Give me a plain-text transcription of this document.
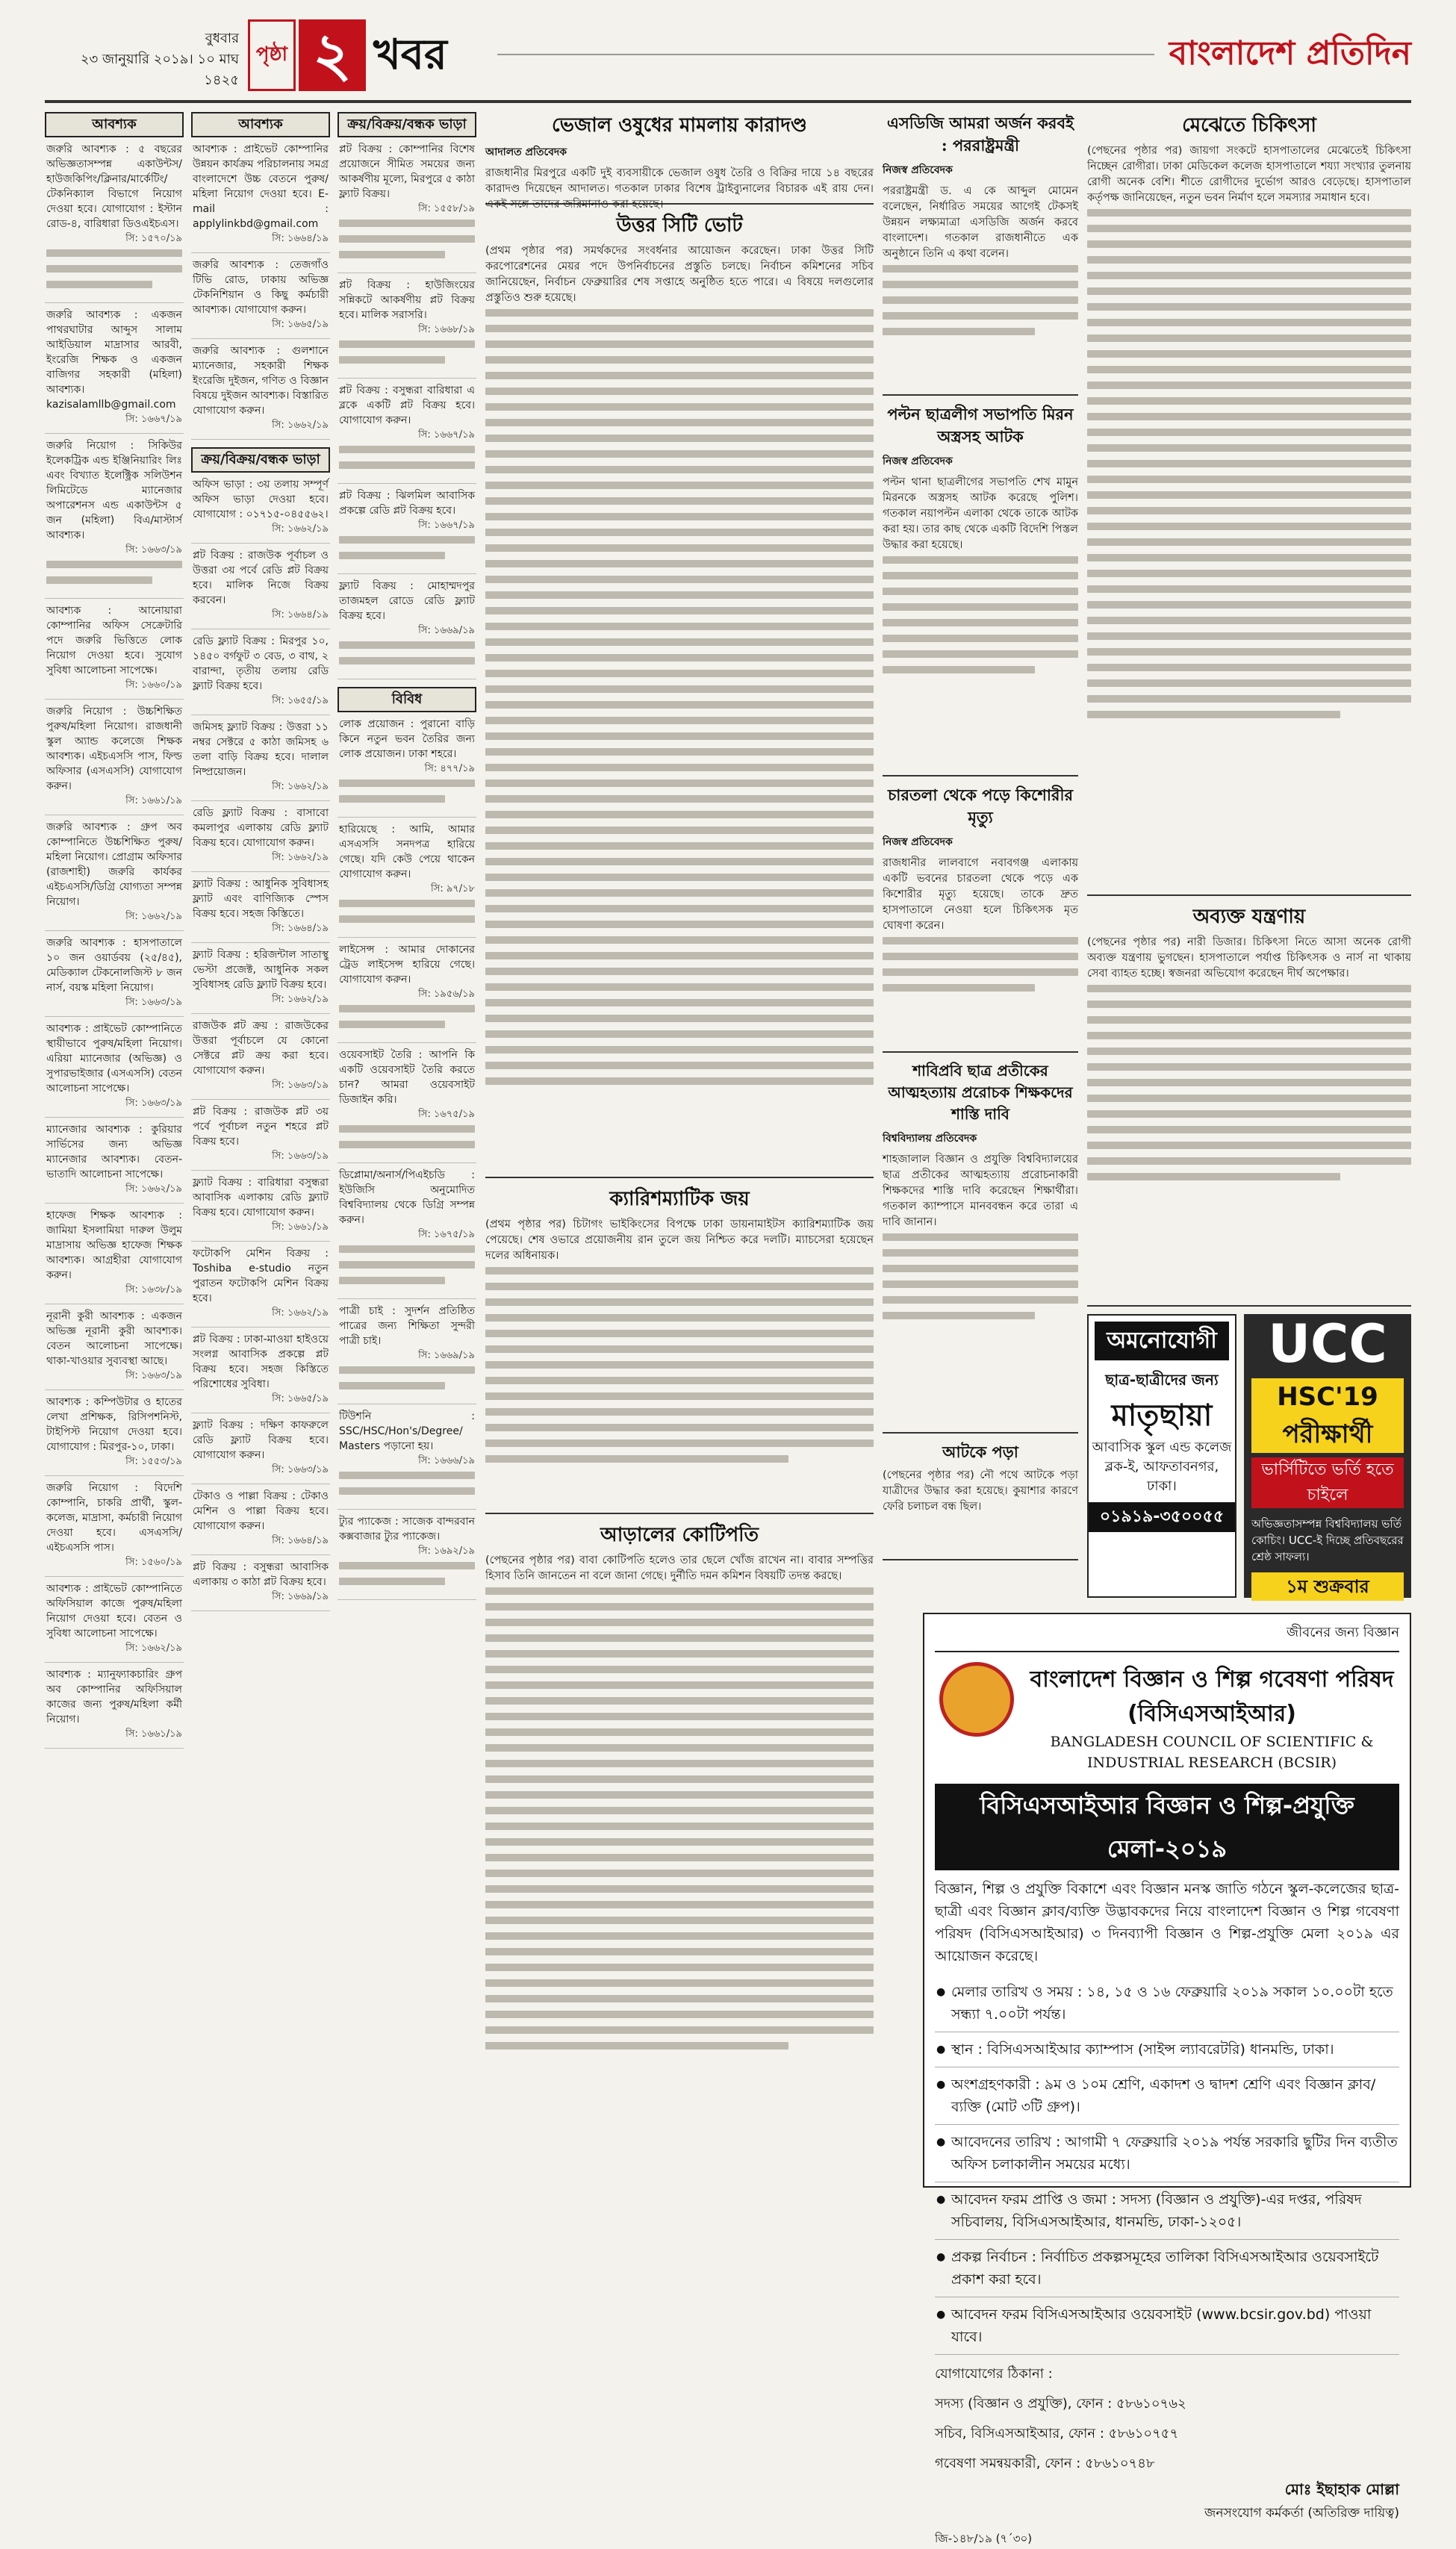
বুধবার
২৩ জানুয়ারি ২০১৯। ১০ মাঘ ১৪২৫
পৃষ্ঠা ২ খবর	বাংলাদেশ প্রতিদিন
আবশ্যক
জরুরি আবশ্যক : ৫ বছরের অভিজ্ঞতাসম্পন্ন একাউন্টস/হাউজকিপিং/ক্লিনার/মার্কেটিং/টেকনিক্যাল বিভাগে নিয়োগ দেওয়া হবে। যোগাযোগ : ইস্টান রোড-৪, বারিধারা ডিওএইচএস।
সি: ১৫৭০/১৯
জরুরি আবশ্যক : একজন পাথরঘাটার আব্দুস সালাম আইডিয়াল মাদ্রাসার আরবী, ইংরেজি শিক্ষক ও একজন বাজিগর সহকারী (মহিলা) আবশ্যক। kazisalamllb@gmail.com
সি: ১৬৬৭/১৯
জরুরি নিয়োগ : সিকিউর ইলেকট্রিক এন্ড ইঞ্জিনিয়ারিং লিঃ এবং বিখ্যাত ইলেক্ট্রিক সলিউশন লিমিটেডে ম্যানেজার অপারেশনস এন্ড একাউন্টস ৫ জন (মহিলা) বিএ/মাস্টার্স আবশ্যক।
সি: ১৬৬৩/১৯
আবশ্যক : আনোয়ারা কোম্পানির অফিস সেক্রেটারি পদে জরুরি ভিত্তিতে লোক নিয়োগ দেওয়া হবে। সুযোগ সুবিধা আলোচনা সাপেক্ষে।
সি: ১৬৬০/১৯
জরুরি নিয়োগ : উচ্চশিক্ষিত পুরুষ/মহিলা নিয়োগ। রাজধানী স্কুল অ্যান্ড কলেজে শিক্ষক আবশ্যক। এইচএসসি পাস, ফিল্ড অফিসার (এসএসসি) যোগাযোগ করুন।
সি: ১৬৬১/১৯
জরুরি আবশ্যক : গ্রুপ অব কোম্পানিতে উচ্চশিক্ষিত পুরুষ/মহিলা নিয়োগ। প্রোগ্রাম অফিসার (রাজশাহী) জরুরি কার্যকর এইচএসসি/ডিগ্রি যোগ্যতা সম্পন্ন নিয়োগ।
সি: ১৬৬২/১৯
জরুরি আবশ্যক : হাসপাতালে ১০ জন ওয়ার্ডবয় (২৫/৪৫), মেডিক্যাল টেকনোলজিস্ট ৮ জন নার্স, বয়স্ক মহিলা নিয়োগ।
সি: ১৬৬৩/১৯
আবশ্যক : প্রাইভেট কোম্পানিতে স্থায়ীভাবে পুরুষ/মহিলা নিয়োগ। এরিয়া ম্যানেজার (অভিজ্ঞ) ও সুপারভাইজার (এসএসসি) বেতন আলোচনা সাপেক্ষে।
সি: ১৬৬৩/১৯
ম্যানেজার আবশ্যক : কুরিয়ার সার্ভিসের জন্য অভিজ্ঞ ম্যানেজার আবশ্যক। বেতন-ভাতাদি আলোচনা সাপেক্ষে।
সি: ১৬৬২/১৯
হাফেজ শিক্ষক আবশ্যক : জামিয়া ইসলামিয়া দারুল উলুম মাদ্রাসায় অভিজ্ঞ হাফেজ শিক্ষক আবশ্যক। আগ্রহীরা যোগাযোগ করুন।
সি: ১৬৩৮/১৯
নূরানী কুরী আবশ্যক : একজন অভিজ্ঞ নূরানী কুরী আবশ্যক। বেতন আলোচনা সাপেক্ষে। থাকা-খাওয়ার সুব্যবস্থা আছে।
সি: ১৬৬৩/১৯
আবশ্যক : কম্পিউটার ও হাতের লেখা প্রশিক্ষক, রিসিপশনিস্ট, টাইপিস্ট নিয়োগ দেওয়া হবে। যোগাযোগ : মিরপুর-১০, ঢাকা।
সি: ১৫৫৩/১৯
জরুরি নিয়োগ : বিদেশি কোম্পানি, চাকরি প্রার্থী, স্কুল-কলেজ, মাদ্রাসা, কর্মচারী নিয়োগ দেওয়া হবে। এসএসসি/এইচএসসি পাস।
সি: ১৫৬০/১৯
আবশ্যক : প্রাইভেট কোম্পানিতে অফিসিয়াল কাজে পুরুষ/মহিলা নিয়োগ দেওয়া হবে। বেতন ও সুবিধা আলোচনা সাপেক্ষে।
সি: ১৬৬২/১৯
আবশ্যক : ম্যানুফ্যাকচারিং গ্রুপ অব কোম্পানির অফিসিয়াল কাজের জন্য পুরুষ/মহিলা কর্মী নিয়োগ।
সি: ১৬৬১/১৯
আবশ্যক
আবশ্যক : প্রাইভেট কোম্পানির উন্নয়ন কার্যক্রম পরিচালনায় সমগ্র বাংলাদেশে উচ্চ বেতনে পুরুষ/মহিলা নিয়োগ দেওয়া হবে। E-mail : applylinkbd@gmail.com
সি: ১৬৬৪/১৯
জরুরি আবশ্যক : তেজগাঁও টিভি রোড, ঢাকায় অভিজ্ঞ টেকনিশিয়ান ও কিছু কর্মচারী আবশ্যক। যোগাযোগ করুন।
সি: ১৬৬৫/১৯
জরুরি আবশ্যক : গুলশানে ম্যানেজার, সহকারী শিক্ষক ইংরেজি দুইজন, গণিত ও বিজ্ঞান বিষয়ে দুইজন আবশ্যক। বিস্তারিত যোগাযোগ করুন।
সি: ১৬৬২/১৯
ক্রয়/বিক্রয়/বন্ধক ভাড়া
অফিস ভাড়া : ৩য় তলায় সম্পূর্ণ অফিস ভাড়া দেওয়া হবে। যোগাযোগ : ০১৭১৫-০৪৫৫৬২।
সি: ১৬৬২/১৯
প্লট বিক্রয় : রাজউক পূর্বাচল ও উত্তরা ৩য় পর্বে রেডি প্লট বিক্রয় হবে। মালিক নিজে বিক্রয় করবেন।
সি: ১৬৬৪/১৯
রেডি ফ্ল্যাট বিক্রয় : মিরপুর ১০, ১৪৫০ বর্গফুট ৩ বেড, ৩ বাথ, ২ বারান্দা, তৃতীয় তলায় রেডি ফ্ল্যাট বিক্রয় হবে।
সি: ১৬৫৫/১৯
জমিসহ ফ্ল্যাট বিক্রয় : উত্তরা ১১ নম্বর সেক্টরে ৫ কাঠা জমিসহ ৬ তলা বাড়ি বিক্রয় হবে। দালাল নিষ্প্রয়োজন।
সি: ১৬৬২/১৯
রেডি ফ্ল্যাট বিক্রয় : বাসাবো কমলাপুর এলাকায় রেডি ফ্ল্যাট বিক্রয় হবে। যোগাযোগ করুন।
সি: ১৬৬২/১৯
ফ্ল্যাট বিক্রয় : আধুনিক সুবিধাসহ ফ্ল্যাট এবং বাণিজ্যিক স্পেস বিক্রয় হবে। সহজ কিস্তিতে।
সি: ১৬৬৪/১৯
ফ্ল্যাট বিক্রয় : হরিজন্টাল সাতাস্থু ভেস্টা প্রজেক্ট, আধুনিক সকল সুবিধাসহ রেডি ফ্ল্যাট বিক্রয় হবে।
সি: ১৬৬২/১৯
রাজউক প্লট ক্রয় : রাজউকের উত্তরা পূর্বাচলে যে কোনো সেক্টরে প্লট ক্রয় করা হবে। যোগাযোগ করুন।
সি: ১৬৬৩/১৯
প্লট বিক্রয় : রাজউক প্লট ৩য় পর্বে পূর্বাচল নতুন শহরে প্লট বিক্রয় হবে।
সি: ১৬৬৩/১৯
ফ্ল্যাট বিক্রয় : বারিধারা বসুন্ধরা আবাসিক এলাকায় রেডি ফ্ল্যাট বিক্রয় হবে। যোগাযোগ করুন।
সি: ১৬৬১/১৯
ফটোকপি মেশিন বিক্রয় : Toshiba e-studio নতুন পুরাতন ফটোকপি মেশিন বিক্রয় হবে।
সি: ১৬৬২/১৯
প্লট বিক্রয় : ঢাকা-মাওয়া হাইওয়ে সংলগ্ন আবাসিক প্রকল্পে প্লট বিক্রয় হবে। সহজ কিস্তিতে পরিশোধের সুবিধা।
সি: ১৬৬৫/১৯
ফ্ল্যাট বিক্রয় : দক্ষিণ কাফরুলে রেডি ফ্ল্যাট বিক্রয় হবে। যোগাযোগ করুন।
সি: ১৬৬৩/১৯
টেকাও ও পাল্লা বিক্রয় : টেকাও মেশিন ও পাল্লা বিক্রয় হবে। যোগাযোগ করুন।
সি: ১৬৬৪/১৯
প্লট বিক্রয় : বসুন্ধরা আবাসিক এলাকায় ৩ কাঠা প্লট বিক্রয় হবে।
সি: ১৬৬৯/১৯
ক্রয়/বিক্রয়/বন্ধক ভাড়া
প্লট বিক্রয় : কোম্পানির বিশেষ প্রয়োজনে সীমিত সময়ের জন্য আকর্ষণীয় মূল্যে, মিরপুরে ৫ কাঠা ফ্ল্যাট বিক্রয়।
সি: ১৫৫৮/১৯
প্লট বিক্রয় : হাউজিংয়ের সন্নিকটে আকর্ষণীয় প্লট বিক্রয় হবে। মালিক সরাসরি।
সি: ১৬৬৮/১৯
প্লট বিক্রয় : বসুন্ধরা বারিধারা এ ব্লকে একটি প্লট বিক্রয় হবে। যোগাযোগ করুন।
সি: ১৬৬৭/১৯
প্লট বিক্রয় : ঝিলমিল আবাসিক প্রকল্পে রেডি প্লট বিক্রয় হবে।
সি: ১৬৬৭/১৯
ফ্ল্যাট বিক্রয় : মোহাম্মদপুর তাজমহল রোডে রেডি ফ্ল্যাট বিক্রয় হবে।
সি: ১৬৬৯/১৯
বিবিধ
লোক প্রয়োজন : পুরানো বাড়ি কিনে নতুন ভবন তৈরির জন্য লোক প্রয়োজন। ঢাকা শহরে।
সি: ৪৭৭/১৯
হারিয়েছে : আমি, আমার এসএসসি সনদপত্র হারিয়ে গেছে। যদি কেউ পেয়ে থাকেন যোগাযোগ করুন।
সি: ৯৭/১৮
লাইসেন্স : আমার দোকানের ট্রেড লাইসেন্স হারিয়ে গেছে। যোগাযোগ করুন।
সি: ১৯৫৬/১৯
ওয়েবসাইট তৈরি : আপনি কি একটি ওয়েবসাইট তৈরি করতে চান? আমরা ওয়েবসাইট ডিজাইন করি।
সি: ১৬৭৫/১৯
ডিপ্লোমা/অনার্স/পিএইচডি : ইউজিসি অনুমোদিত বিশ্ববিদ্যালয় থেকে ডিগ্রি সম্পন্ন করুন।
সি: ১৬৭৫/১৯
পাত্রী চাই : সুদর্শন প্রতিষ্ঠিত পাত্রের জন্য শিক্ষিতা সুন্দরী পাত্রী চাই।
সি: ১৬৬৯/১৯
টিউশনি : SSC/HSC/Hon's/Degree/ Masters পড়ানো হয়।
সি: ১৬৬৬/১৯
ট্যুর প্যাকেজ : সাজেক বান্দরবান কক্সবাজার ট্যুর প্যাকেজ।
সি: ১৬৯২/১৯
ভেজাল ওষুধের মামলায় কারাদণ্ড
আদালত প্রতিবেদক

রাজধানীর মিরপুরে একটি দুই ব্যবসায়ীকে ভেজাল ওষুধ তৈরি ও বিক্রির দায়ে ১৪ বছরের কারাদণ্ড দিয়েছেন আদালত। গতকাল ঢাকার বিশেষ ট্রাইব্যুনালের বিচারক এই রায় দেন। একই সঙ্গে তাদের জরিমানাও করা হয়েছে।

উত্তর সিটি ভোট

(প্রথম পৃষ্ঠার পর) সমর্থকদের সংবর্ধনার আয়োজন করেছেন। ঢাকা উত্তর সিটি করপোরেশনের মেয়র পদে উপনির্বাচনের প্রস্তুতি চলছে। নির্বাচন কমিশনের সচিব জানিয়েছেন, নির্বাচন ফেব্রুয়ারির শেষ সপ্তাহে অনুষ্ঠিত হতে পারে। এ বিষয়ে দলগুলোর প্রস্তুতিও শুরু হয়েছে।

ক্যারিশম্যাটিক জয়

(প্রথম পৃষ্ঠার পর) চিটাগং ভাইকিংসের বিপক্ষে ঢাকা ডায়নামাইটস ক্যারিশম্যাটিক জয় পেয়েছে। শেষ ওভারে প্রয়োজনীয় রান তুলে জয় নিশ্চিত করে দলটি। ম্যাচসেরা হয়েছেন দলের অধিনায়ক।

আড়ালের কোটিপতি

(পেছনের পৃষ্ঠার পর) বাবা কোটিপতি হলেও তার ছেলে খোঁজ রাখেন না। বাবার সম্পত্তির হিসাব তিনি জানতেন না বলে জানা গেছে। দুর্নীতি দমন কমিশন বিষয়টি তদন্ত করছে।

এসডিজি আমরা অর্জন করবই : পররাষ্ট্রমন্ত্রী
নিজস্ব প্রতিবেদক

পররাষ্ট্রমন্ত্রী ড. এ কে আব্দুল মোমেন বলেছেন, নির্ধারিত সময়ের আগেই টেকসই উন্নয়ন লক্ষ্যমাত্রা এসডিজি অর্জন করবে বাংলাদেশ। গতকাল রাজধানীতে এক অনুষ্ঠানে তিনি এ কথা বলেন।

পল্টন ছাত্রলীগ সভাপতি মিরন অস্ত্রসহ আটক
নিজস্ব প্রতিবেদক

পল্টন থানা ছাত্রলীগের সভাপতি শেখ মামুন মিরনকে অস্ত্রসহ আটক করেছে পুলিশ। গতকাল নয়াপল্টন এলাকা থেকে তাকে আটক করা হয়। তার কাছ থেকে একটি বিদেশি পিস্তল উদ্ধার করা হয়েছে।

চারতলা থেকে পড়ে কিশোরীর মৃত্যু
নিজস্ব প্রতিবেদক

রাজধানীর লালবাগে নবাবগঞ্জ এলাকায় একটি ভবনের চারতলা থেকে পড়ে এক কিশোরীর মৃত্যু হয়েছে। তাকে দ্রুত হাসপাতালে নেওয়া হলে চিকিৎসক মৃত ঘোষণা করেন।

শাবিপ্রবি ছাত্র প্রতীকের আত্মহত্যায় প্ররোচক শিক্ষকদের শাস্তি দাবি
বিশ্ববিদ্যালয় প্রতিবেদক

শাহজালাল বিজ্ঞান ও প্রযুক্তি বিশ্ববিদ্যালয়ের ছাত্র প্রতীকের আত্মহত্যায় প্ররোচনাকারী শিক্ষকদের শাস্তি দাবি করেছেন শিক্ষার্থীরা। গতকাল ক্যাম্পাসে মানববন্ধন করে তারা এ দাবি জানান।

আটকে পড়া

(পেছনের পৃষ্ঠার পর) নৌ পথে আটকে পড়া যাত্রীদের উদ্ধার করা হয়েছে। কুয়াশার কারণে ফেরি চলাচল বন্ধ ছিল।

মেঝেতে চিকিৎসা

(পেছনের পৃষ্ঠার পর) জায়গা সংকটে হাসপাতালের মেঝেতেই চিকিৎসা নিচ্ছেন রোগীরা। ঢাকা মেডিকেল কলেজ হাসপাতালে শয্যা সংখ্যার তুলনায় রোগী অনেক বেশি। শীতে রোগীদের দুর্ভোগ আরও বেড়েছে। হাসপাতাল কর্তৃপক্ষ জানিয়েছেন, নতুন ভবন নির্মাণ হলে সমস্যার সমাধান হবে।

অব্যক্ত যন্ত্রণায়

(পেছনের পৃষ্ঠার পর) নারী ডিজার। চিকিৎসা নিতে আসা অনেক রোগী অব্যক্ত যন্ত্রণায় ভুগছেন। হাসপাতালে পর্যাপ্ত চিকিৎসক ও নার্স না থাকায় সেবা ব্যাহত হচ্ছে। স্বজনরা অভিযোগ করেছেন দীর্ঘ অপেক্ষার।

UCC
HSC'19 পরীক্ষার্থী
ভার্সিটিতে ভর্তি হতে চাইলে
অভিজ্ঞতাসম্পন্ন বিশ্ববিদ্যালয় ভর্তি কোচিং। UCC-ই দিচ্ছে প্রতিবছরের শ্রেষ্ঠ সাফল্য।
১ম শুক্রবার
অমনোযোগী
ছাত্র-ছাত্রীদের জন্য
মাতৃছায়া
আবাসিক স্কুল এন্ড কলেজ
ব্লক-ই, আফতাবনগর, ঢাকা।
০১৯১৯-৩৫০০৫৫
জীবনের জন্য বিজ্ঞান
বাংলাদেশ বিজ্ঞান ও শিল্প গবেষণা পরিষদ (বিসিএসআইআর)
BANGLADESH COUNCIL OF SCIENTIFIC & INDUSTRIAL RESEARCH (BCSIR)
বিসিএসআইআর বিজ্ঞান ও শিল্প-প্রযুক্তি মেলা-২০১৯
বিজ্ঞান, শিল্প ও প্রযুক্তি বিকাশে এবং বিজ্ঞান মনস্ক জাতি গঠনে স্কুল-কলেজের ছাত্র-ছাত্রী এবং বিজ্ঞান ক্লাব/ব্যক্তি উদ্ভাবকদের নিয়ে বাংলাদেশ বিজ্ঞান ও শিল্প গবেষণা পরিষদ (বিসিএসআইআর) ৩ দিনব্যাপী বিজ্ঞান ও শিল্প-প্রযুক্তি মেলা ২০১৯ এর আয়োজন করেছে।
● মেলার তারিখ ও সময় : ১৪, ১৫ ও ১৬ ফেব্রুয়ারি ২০১৯ সকাল ১০.০০টা হতে সন্ধ্যা ৭.০০টা পর্যন্ত।
● স্থান : বিসিএসআইআর ক্যাম্পাস (সাইন্স ল্যাবরেটরি) ধানমন্ডি, ঢাকা।
● অংশগ্রহণকারী : ৯ম ও ১০ম শ্রেণি, একাদশ ও দ্বাদশ শ্রেণি এবং বিজ্ঞান ক্লাব/ব্যক্তি (মোট ৩টি গ্রুপ)।
● আবেদনের তারিখ : আগামী ৭ ফেব্রুয়ারি ২০১৯ পর্যন্ত সরকারি ছুটির দিন ব্যতীত অফিস চলাকালীন সময়ের মধ্যে।
● আবেদন ফরম প্রাপ্তি ও জমা : সদস্য (বিজ্ঞান ও প্রযুক্তি)-এর দপ্তর, পরিষদ সচিবালয়, বিসিএসআইআর, ধানমন্ডি, ঢাকা-১২০৫।
● প্রকল্প নির্বাচন : নির্বাচিত প্রকল্পসমূহের তালিকা বিসিএসআইআর ওয়েবসাইটে প্রকাশ করা হবে।
● আবেদন ফরম বিসিএসআইআর ওয়েবসাইট (www.bcsir.gov.bd) পাওয়া যাবে।
যোগাযোগের ঠিকানা :
সদস্য (বিজ্ঞান ও প্রযুক্তি), ফোন : ৫৮৬১০৭৬২
সচিব, বিসিএসআইআর, ফোন : ৫৮৬১০৭৫৭
গবেষণা সমন্বয়কারী, ফোন : ৫৮৬১০৭৪৮
মোঃ ইছাহাক মোল্লা
জনসংযোগ কর্মকর্তা (অতিরিক্ত দায়িত্ব)
জি-১৪৮/১৯ (৭´৩০)
